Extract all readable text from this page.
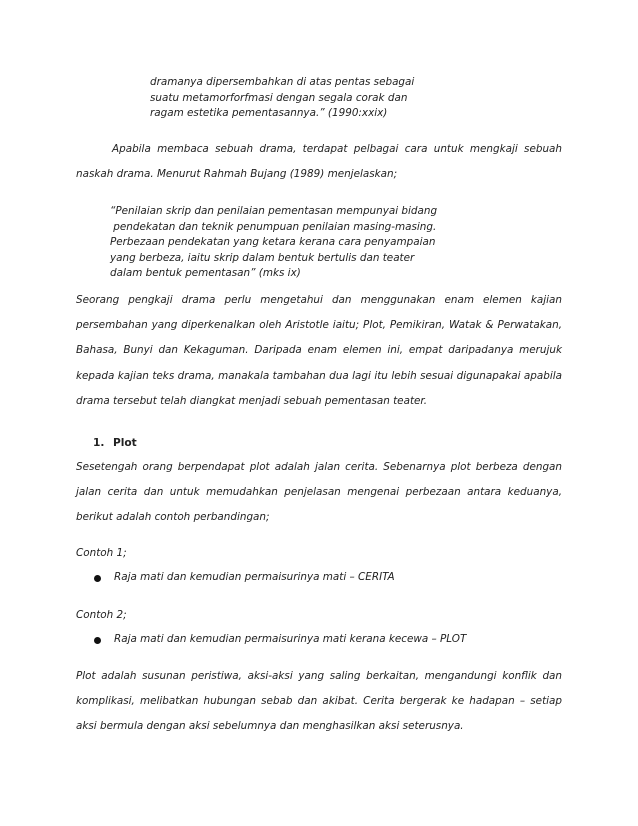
dramanya dipersembahkan di atas pentas sebagai
suatu metamorforfmasi dengan segala corak dan
ragam estetika pementasannya.” (1990:xxix)
Apabila membaca sebuah drama, terdapat pelbagai cara untuk mengkaji sebuah naskah drama. Menurut Rahmah Bujang (1989) menjelaskan;
“Penilaian skrip dan penilaian pementasan mempunyai bidang
pendekatan dan teknik penumpuan penilaian masing-masing.
Perbezaan pendekatan yang ketara kerana cara penyampaian
yang berbeza, iaitu skrip dalam bentuk bertulis dan teater
dalam bentuk pementasan” (mks ix)
Seorang pengkaji drama perlu mengetahui dan menggunakan enam elemen kajian persembahan yang diperkenalkan oleh Aristotle iaitu; Plot, Pemikiran, Watak & Perwatakan, Bahasa, Bunyi dan Kekaguman. Daripada enam elemen ini, empat daripadanya merujuk kepada kajian teks drama, manakala tambahan dua lagi itu lebih sesuai digunapakai apabila drama tersebut telah diangkat menjadi sebuah pementasan teater.
1. Plot
Sesetengah orang berpendapat plot adalah jalan cerita. Sebenarnya plot berbeza dengan jalan cerita dan untuk memudahkan penjelasan mengenai perbezaan antara keduanya, berikut adalah contoh perbandingan;
Contoh 1;
Raja mati dan kemudian permaisurinya mati – CERITA
Contoh 2;
Raja mati dan kemudian permaisurinya mati kerana kecewa – PLOT
Plot adalah susunan peristiwa, aksi-aksi yang saling berkaitan, mengandungi konflik dan komplikasi, melibatkan hubungan sebab dan akibat. Cerita bergerak ke hadapan – setiap aksi bermula dengan aksi sebelumnya dan menghasilkan aksi seterusnya.
